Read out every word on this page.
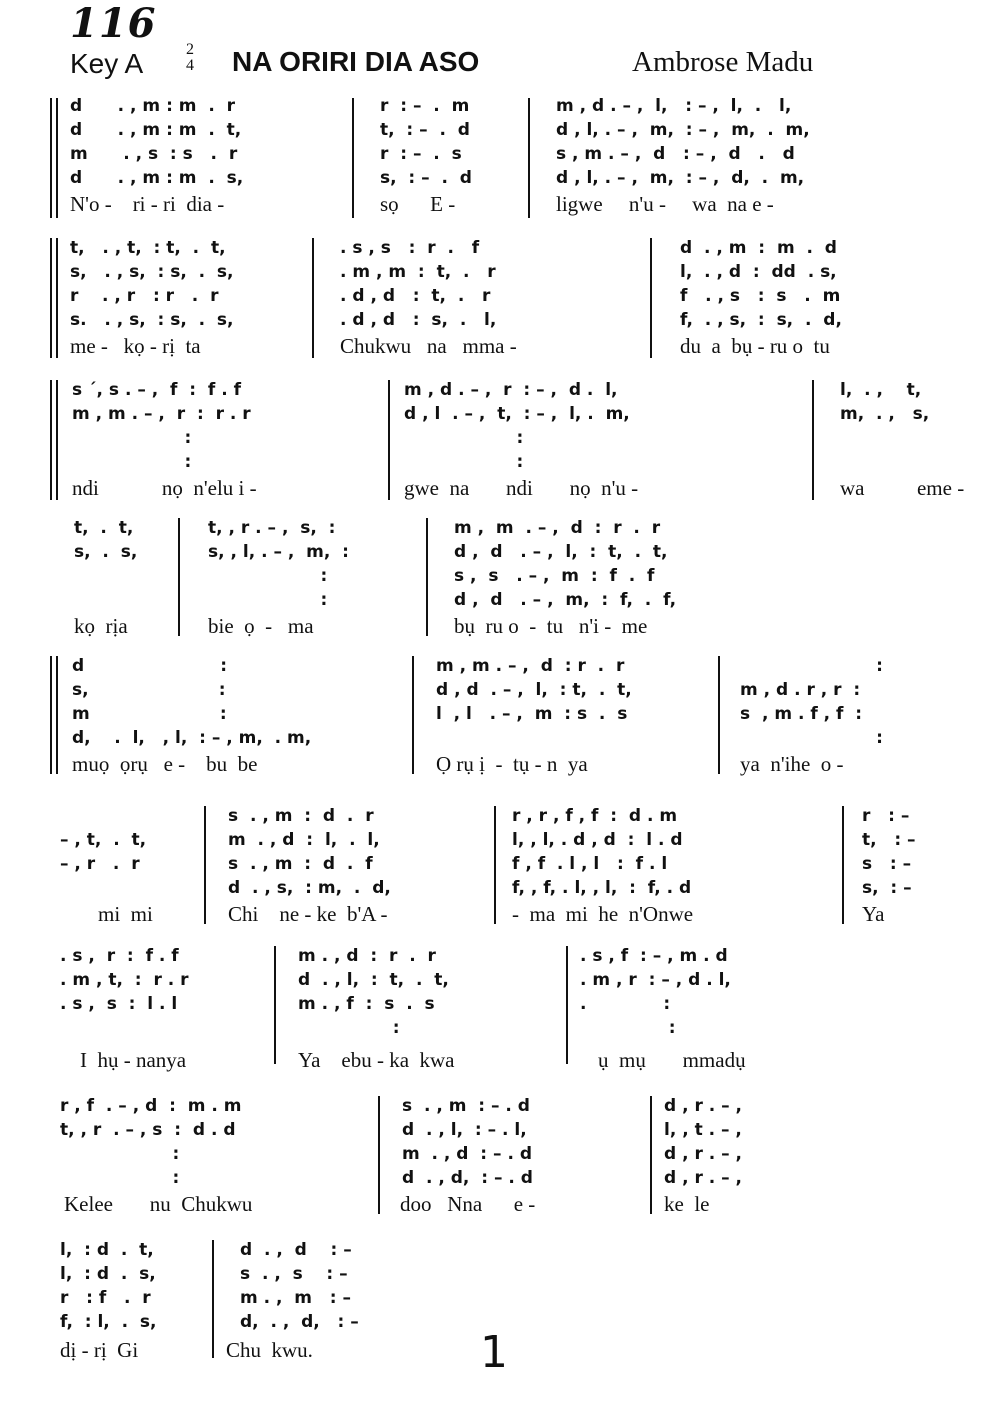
116
Key A	2
4 NA ORIRI DIA ASO	Ambrose Madu
d      . , m : m  .  r
d      . , m : m  .  t,
m      . , s  : s   .  r
d      . , m : m  .  s,
N'o -    ri - ri  dia -
r  : –  .  m
t,  : –  .  d
r  : –  .  s
s,  : –  .  d
sọ      E -
m , d . – ,  l,   : – ,  l,  .   l,
d , l, . – ,  m,  : – ,  m,  .  m,
s , m . – ,  d   : – ,  d   .   d
d , l, . – ,  m,  : – ,  d,  .  m,
ligwe     n'u -     wa  na e -
t,   . , t,  : t,  .  t,
s,   . , s,  : s,  .  s,
r    . , r   : r   .  r
s.   . , s,  : s,  .  s,
me -   kọ - rị  ta
. s , s   :  r  .   f
. m , m  :  t,  .   r
. d , d   :  t,  .   r
. d , d   :  s,  .   l,
Chukwu   na   mma -
d  . , m  :  m  .  d
l,  . , d  :  dd  . s,
f   . , s   :  s   .  m
f,  . , s,  :  s,  .  d,
du  a  bụ - ru o  tu
s ´, s . – ,  f  :  f . f
m , m . – ,  r  :  r . r
:
:
ndi            nọ  n'elu i -
m , d . – ,  r  : – ,  d .  l,
d , l  . – ,  t,  : – ,  l, .  m,
:
:
gwe  na       ndi       nọ  n'u -
l,  . ,    t,
m,  . ,   s,
wa          eme -
t,  .  t,
s,  .  s,
kọ  rịa
t, , r . – ,  s,  :
s, , l, . – ,  m,  :
:
:
bie  ọ  -   ma
m ,  m  . – ,  d  :  r  .  r
d ,  d   . – ,  l,  :  t,  .  t,
s ,  s   . – ,  m  :  f  .  f
d ,  d   . – ,  m,  :  f,  .  f,
bụ  ru o  -  tu   n'i -  me
d                       :
s,                      :
m                      :
d,    .  l,   , l,  : – , m,  . m,
muọ  ọrụ   e -    bu  be
m , m . – ,  d  : r  .  r
d , d  . – ,  l,  : t,  .  t,
l  , l   . – ,  m  : s  .  s
Ọ rụ ị  -  tụ - n  ya
:
m , d . r , r  :
s  , m . f , f  :
:
ya  n'ihe  o -
– , t,  .  t,
– , r   .  r
mi  mi
s  . , m  :  d  .  r
m  . , d  :  l,  .  l,
s  . , m  :  d  .  f
d  . , s,  : m,  .  d,
Chi    ne - ke  b'A -
r , r , f , f  :  d . m
l, , l, . d , d  :  l . d
f , f  . l , l   :  f . l
f, , f, . l, , l,  :  f, . d
-  ma  mi  he  n'Onwe
r   : –
t,   : –
s   : –
s,  : –
Ya
. s ,  r  :  f . f
. m , t,  :  r . r
. s ,  s  :  l . l
I  hụ - nanya
m . , d  :  r  .  r
d  . , l,  :  t,  .  t,
m . , f  :  s  .  s
:
Ya    ebu - ka  kwa
. s , f  : – , m . d
. m , r  : – , d . l,
.             :
:
ụ  mụ       mmadụ
r , f  . – , d  :  m . m
t, , r  . – , s  :  d . d
:
:
Kelee       nu  Chukwu
s  . , m  : – . d
d  . , l,  : – . l,
m  . , d  : – . d
d  . , d,  : – . d
doo   Nna      e -
d , r . – ,
l, , t . – ,
d , r . – ,
d , r . – ,
ke  le
l,  : d  .  t,
l,  : d  .  s,
r   : f   .  r
f,  : l,  .  s,
dị - rị  Gi
d  . ,  d    : –
s  . ,  s    : –
m . ,  m   : –
d,  . ,  d,   : –
Chu  kwu.	1
